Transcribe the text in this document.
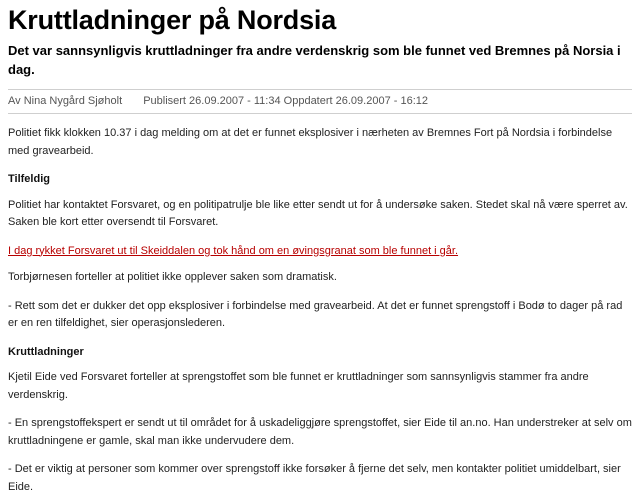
Kruttladninger på Nordsia

Det var sannsynligvis kruttladninger fra andre verdenskrig som ble funnet ved Bremnes på Norsia i dag.

Av Nina Nygård Sjøholt Publisert 26.09.2007 - 11:34 Oppdatert 26.09.2007 - 16:12

Politiet fikk klokken 10.37 i dag melding om at det er funnet eksplosiver i nærheten av Bremnes Fort på Nordsia i forbindelse med gravearbeid.

Tilfeldig

Politiet har kontaktet Forsvaret, og en politipatrulje ble like etter sendt ut for å undersøke saken. Stedet skal nå være sperret av. Saken ble kort etter oversendt til Forsvaret.

I dag rykket Forsvaret ut til Skeiddalen og tok hånd om en øvingsgranat som ble funnet i går.

Torbjørnesen forteller at politiet ikke opplever saken som dramatisk.

- Rett som det er dukker det opp eksplosiver i forbindelse med gravearbeid. At det er funnet sprengstoff i Bodø to dager på rad er en ren tilfeldighet, sier operasjonslederen.

Kruttladninger

Kjetil Eide ved Forsvaret forteller at sprengstoffet som ble funnet er kruttladninger som sannsynligvis stammer fra andre verdenskrig.

- En sprengstoffekspert er sendt ut til området for å uskadeliggjøre sprengstoffet, sier Eide til an.no. Han understreker at selv om kruttladningene er gamle, skal man ikke undervudere dem.

- Det er viktig at personer som kommer over sprengstoff ikke forsøker å fjerne det selv, men kontakter politiet umiddelbart, sier Eide.
